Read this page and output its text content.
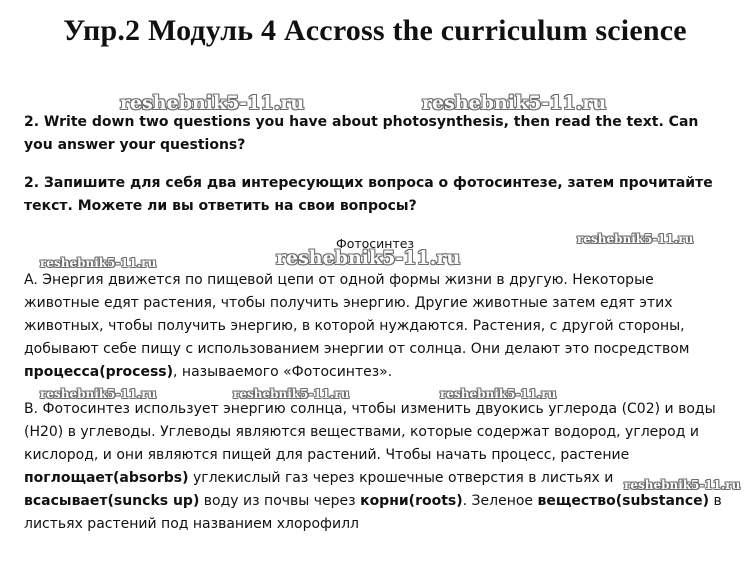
Упр.2 Модуль 4 Accross the curriculum science
reshebnik5-11.ru	reshebnik5-11.ru

2. Write down two questions you have about photosynthesis, then read the text. Can you answer your questions?

2. Запишите для себя два интересующих вопроса о фотосинтезе, затем прочитайте текст. Можете ли вы ответить на свои вопросы?

Фотосинтез	reshebnik5-11.ru
reshebnik5-11.ru
reshebnik5-11.ru

A. Энергия движется по пищевой цепи от одной формы жизни в другую. Некоторые животные едят растения, чтобы получить энергию. Другие животные затем едят этих животных, чтобы получить энергию, в которой нуждаются. Растения, с другой стороны, добывают себе пищу с использованием энергии от солнца. Они делают это посредством процесса(process), называемого «Фотосинтез».

reshebnik5-11.ru	reshebnik5-11.ru	reshebnik5-11.ru

B. Фотосинтез использует энергию солнца, чтобы изменить двуокись углерода (C02) и воды (H20) в углеводы. Углеводы являются веществами, которые содержат водород, углерод и кислород, и они являются пищей для растений. Чтобы начать процесс, растение поглощает(absorbs) углекислый газ через крошечные отверстия в листьях и всасывает(suncks up) воду из почвы через корни(roots). Зеленое вещество(substance) в листьях растений под названием хлорофилл

reshebnik5-11.ru
